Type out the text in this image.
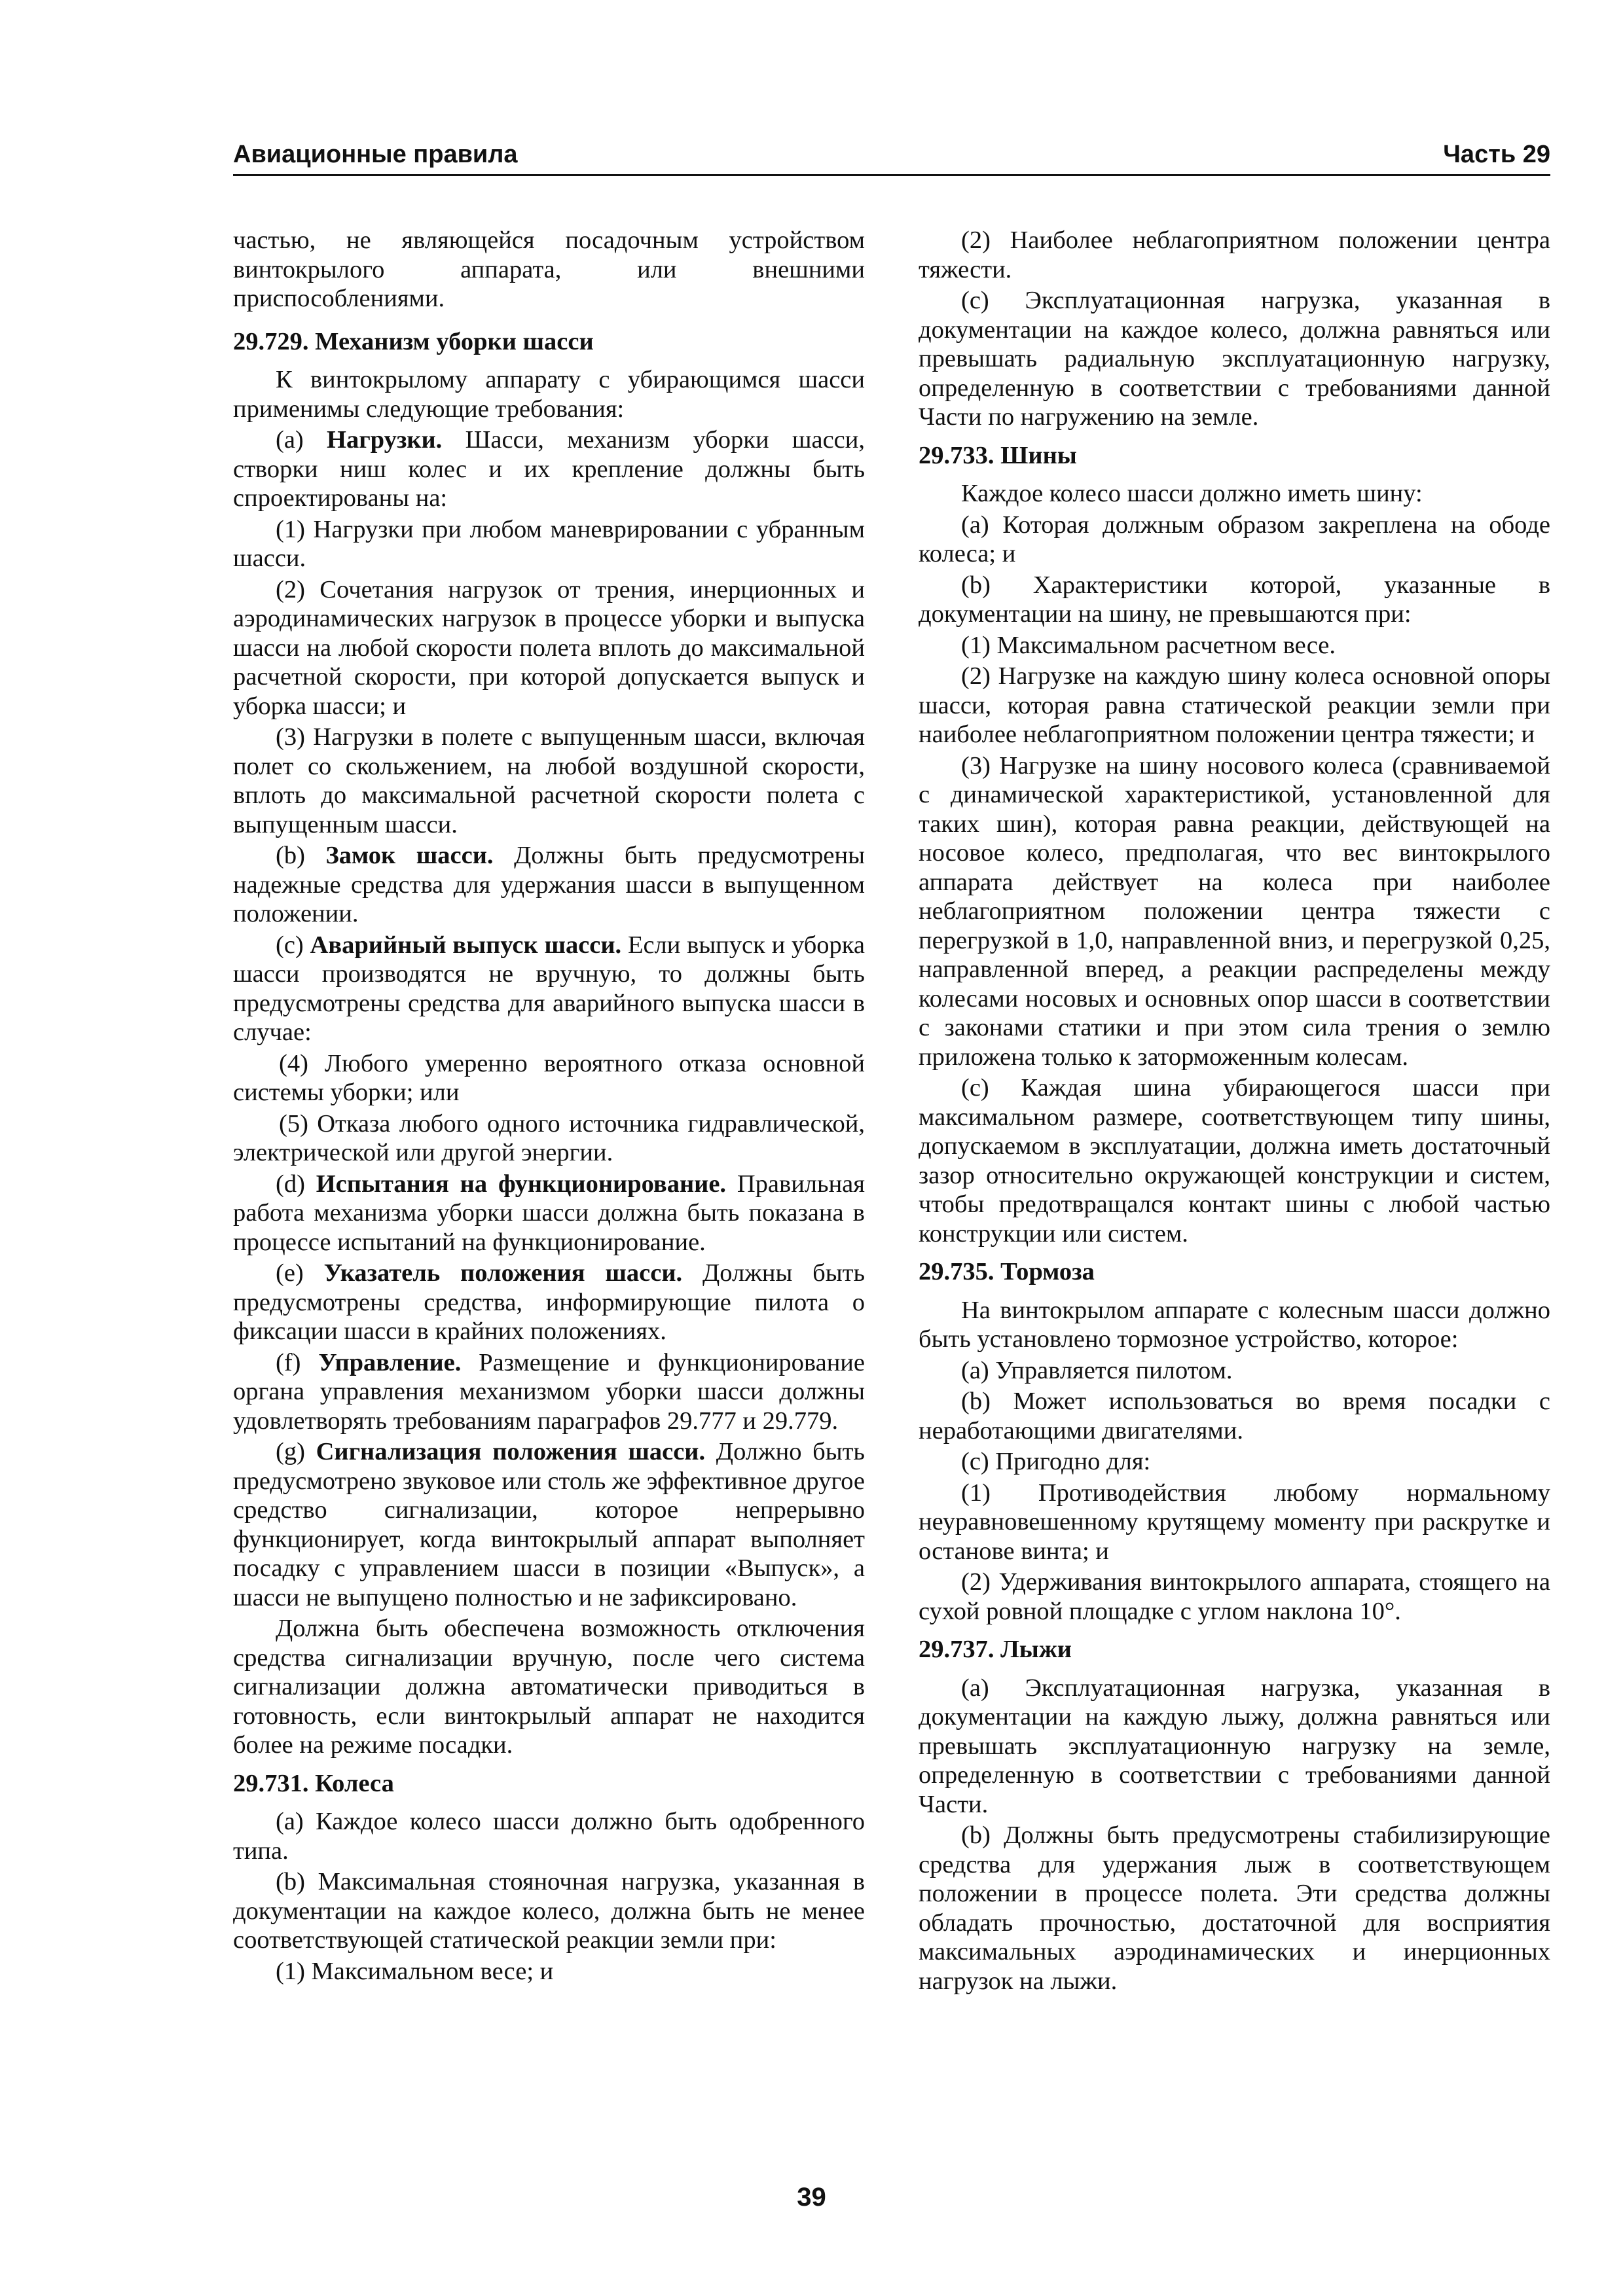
Авиационные правила	Часть 29

частью, не являющейся посадочным устройством винтокрылого аппарата, или внешними приспособлениями.

29.729. Механизм уборки шасси

К винтокрылому аппарату с убирающимся шасси применимы следующие требования:

(a) Нагрузки. Шасси, механизм уборки шасси, створки ниш колес и их крепление должны быть спроектированы на:

(1) Нагрузки при любом маневрировании с убранным шасси.

(2) Сочетания нагрузок от трения, инерционных и аэродинамических нагрузок в процессе уборки и выпуска шасси на любой скорости полета вплоть до максимальной расчетной скорости, при которой допускается выпуск и уборка шасси; и

(3) Нагрузки в полете с выпущенным шасси, включая полет со скольжением, на любой воздушной скорости, вплоть до максимальной расчетной скорости полета с выпущенным шасси.

(b) Замок шасси. Должны быть предусмотрены надежные средства для удержания шасси в выпущенном положении.

(c) Аварийный выпуск шасси. Если выпуск и уборка шасси производятся не вручную, то должны быть предусмотрены средства для аварийного выпуска шасси в случае:

(4) Любого умеренно вероятного отказа основной системы уборки; или

(5) Отказа любого одного источника гидравлической, электрической или другой энергии.

(d) Испытания на функционирование. Правильная работа механизма уборки шасси должна быть показана в процессе испытаний на функционирование.

(e) Указатель положения шасси. Должны быть предусмотрены средства, информирующие пилота о фиксации шасси в крайних положениях.

(f) Управление. Размещение и функционирование органа управления механизмом уборки шасси должны удовлетворять требованиям параграфов 29.777 и 29.779.

(g) Сигнализация положения шасси. Должно быть предусмотрено звуковое или столь же эффективное другое средство сигнализации, которое непрерывно функционирует, когда винтокрылый аппарат выполняет посадку с управлением шасси в позиции «Выпуск», а шасси не выпущено полностью и не зафиксировано.

Должна быть обеспечена возможность отключения средства сигнализации вручную, после чего система сигнализации должна автоматически приводиться в готовность, если винтокрылый аппарат не находится более на режиме посадки.

29.731. Колеса

(a) Каждое колесо шасси должно быть одобренного типа.

(b) Максимальная стояночная нагрузка, указанная в документации на каждое колесо, должна быть не менее соответствующей статической реакции земли при:

(1) Максимальном весе; и

(2) Наиболее неблагоприятном положении центра тяжести.

(c) Эксплуатационная нагрузка, указанная в документации на каждое колесо, должна равняться или превышать радиальную эксплуатационную нагрузку, определенную в соответствии с требованиями данной Части по нагружению на земле.

29.733. Шины

Каждое колесо шасси должно иметь шину:

(a) Которая должным образом закреплена на ободе колеса; и

(b) Характеристики которой, указанные в документации на шину, не превышаются при:

(1) Максимальном расчетном весе.

(2) Нагрузке на каждую шину колеса основной опоры шасси, которая равна статической реакции земли при наиболее неблагоприятном положении центра тяжести; и

(3) Нагрузке на шину носового колеса (сравниваемой с динамической характеристикой, установленной для таких шин), которая равна реакции, действующей на носовое колесо, предполагая, что вес винтокрылого аппарата действует на колеса при наиболее неблагоприятном положении центра тяжести с перегрузкой в 1,0, направленной вниз, и перегрузкой 0,25, направленной вперед, а реакции распределены между колесами носовых и основных опор шасси в соответствии с законами статики и при этом сила трения о землю приложена только к заторможенным колесам.

(c) Каждая шина убирающегося шасси при максимальном размере, соответствующем типу шины, допускаемом в эксплуатации, должна иметь достаточный зазор относительно окружающей конструкции и систем, чтобы предотвращался контакт шины с любой частью конструкции или систем.

29.735. Тормоза

На винтокрылом аппарате с колесным шасси должно быть установлено тормозное устройство, которое:

(a) Управляется пилотом.

(b) Может использоваться во время посадки с неработающими двигателями.

(c) Пригодно для:

(1) Противодействия любому нормальному неуравновешенному крутящему моменту при раскрутке и останове винта; и

(2) Удерживания винтокрылого аппарата, стоящего на сухой ровной площадке с углом наклона 10°.

29.737. Лыжи

(a) Эксплуатационная нагрузка, указанная в документации на каждую лыжу, должна равняться или превышать эксплуатационную нагрузку на земле, определенную в соответствии с требованиями данной Части.

(b) Должны быть предусмотрены стабилизирующие средства для удержания лыж в соответствующем положении в процессе полета. Эти средства должны обладать прочностью, достаточной для восприятия максимальных аэродинамических и инерционных нагрузок на лыжи.

39
